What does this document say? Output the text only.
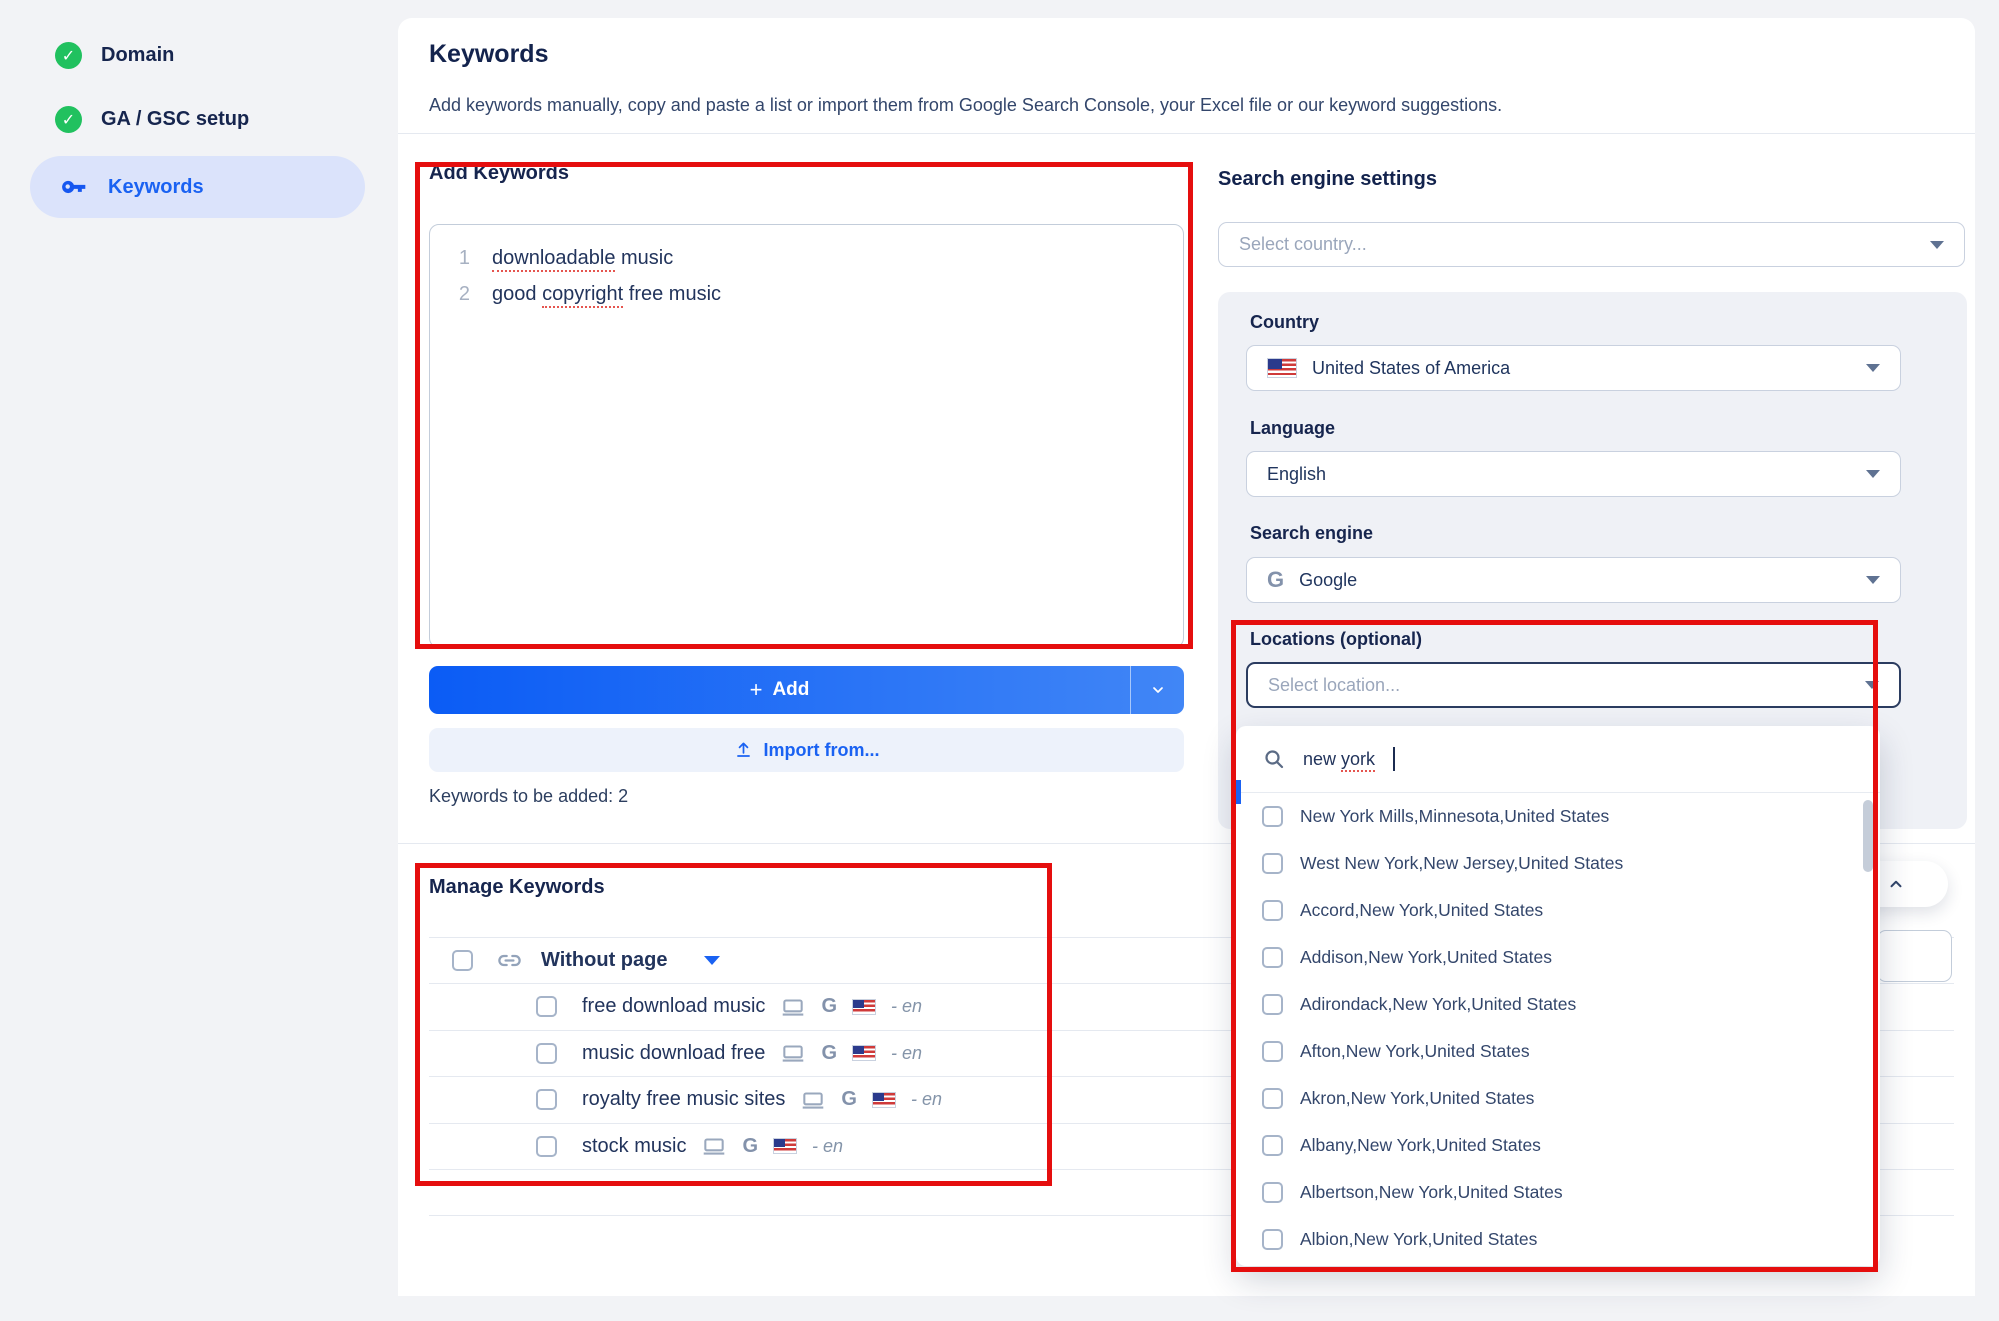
✓ Domain
✓ GA / GSC setup
Keywords
Keywords
Add keywords manually, copy and paste a list or import them from Google Search Console, your Excel file or our keyword suggestions.
Add Keywords
1	downloadable music
2	good copyright free music
+ Add
Import from...
Keywords to be added: 2
Manage Keywords
Without page
free download music	G	- en
music download free	G	- en
royalty free music sites	G	- en
stock music	G	- en
Search engine settings
Select country...
Country
United States of America
Language
English
Search engine
G Google
Locations (optional)
Select location...
new york
New York Mills,Minnesota,United States
West New York,New Jersey,United States
Accord,New York,United States
Addison,New York,United States
Adirondack,New York,United States
Afton,New York,United States
Akron,New York,United States
Albany,New York,United States
Albertson,New York,United States
Albion,New York,United States
